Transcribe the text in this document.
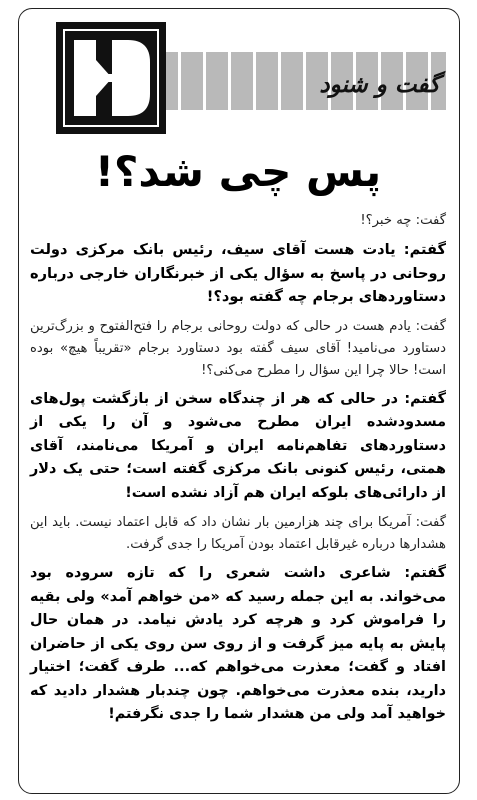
گفت و شنود
پس چی شد؟!

گفت: چه خبر؟!

گفتم: یادت هست آقای سیف، رئیس بانک مرکزی دولت روحانی در پاسخ به سؤال یکی از خبرنگاران خارجی درباره دستاوردهای برجام چه گفته بود؟!

گفت: یادم هست در حالی که دولت روحانی برجام را فتح‌الفتوح و بزرگ‌ترین دستاورد می‌نامید! آقای سیف گفته بود دستاورد برجام «تقریباً هیچ» بوده است! حالا چرا این سؤال را مطرح می‌کنی؟!

گفتم: در حالی که هر از چندگاه سخن از بازگشت پول‌های مسدودشده ایران مطرح می‌شود و آن را یکی از دستاوردهای تفاهم‌نامه ایران و آمریکا می‌نامند، آقای همتی، رئیس کنونی بانک مرکزی گفته است؛ حتی یک دلار از دارائی‌های بلوکه ایران هم آزاد نشده است!

گفت: آمریکا برای چند هزارمین بار نشان داد که قابل اعتماد نیست. باید این هشدارها درباره غیرقابل اعتماد بودن آمریکا را جدی گرفت.

گفتم: شاعری داشت شعری را که تازه سروده بود می‌خواند. به این جمله رسید که «من خواهم آمد» ولی بقیه را فراموش کرد و هرچه کرد یادش نیامد. در همان حال پایش به پایه میز گرفت و از روی سن روی یکی از حاضران افتاد و گفت؛ معذرت می‌خواهم که... طرف گفت؛ اختیار دارید، بنده معذرت می‌خواهم. چون چندبار هشدار دادید که خواهید آمد ولی من هشدار شما را جدی نگرفتم!
